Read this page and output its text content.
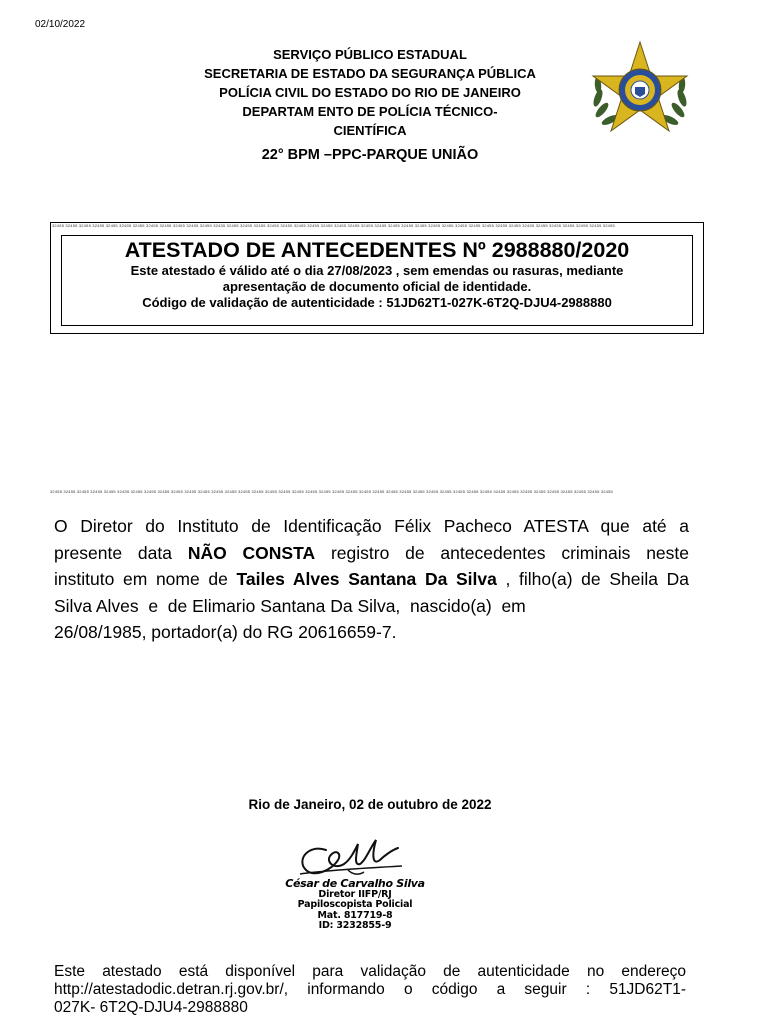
02/10/2022
SERVIÇO PÚBLICO ESTADUAL
SECRETARIA DE ESTADO DA SEGURANÇA PÚBLICA
POLÍCIA CIVIL DO ESTADO DO RIO DE JANEIRO
DEPARTAM ENTO DE POLÍCIA TÉCNICO-
CIENTÍFICA
22° BPM –PPC-PARQUE UNIÃO
32455 32455 32455 32455 32455 32455 32455 32455 32455 32455 32455 32455 32455 32455 32455 32455 32455 32455 32455 32455 32455 32455 32455 32455 32455 32455 32455 32455 32455 32455 32455 32455 32455 32455 32455 32455 32455 32455 32455 32455 32455 32455
ATESTADO DE ANTECEDENTES Nº 2988880/2020
Este atestado é válido até o dia 27/08/2023 , sem emendas ou rasuras, mediante
apresentação de documento oficial de identidade.
Código de validação de autenticidade : 51JD62T1-027K-6T2Q-DJU4-2988880
32455 32455 32455 32455 32455 32455 32455 32455 32455 32455 32455 32455 32455 32455 32455 32455 32455 32455 32455 32455 32455 32455 32455 32455 32455 32455 32455 32455 32455 32455 32455 32455 32455 32455 32455 32455 32455 32455 32455 32455 32455 32455
O Diretor do Instituto de Identificação Félix Pacheco ATESTA que até a
presente data NÃO CONSTA registro de antecedentes criminais neste
instituto em nome de Tailes Alves Santana Da Silva , filho(a) de Sheila Da
Silva Alves  e  de Elimario Santana Da Silva,  nascido(a)  em
26/08/1985, portador(a) do RG 20616659-7.
Rio de Janeiro, 02 de outubro de 2022
César de Carvalho Silva
Diretor IIFP/RJ
Papiloscopista Policial
Mat. 817719-8
ID: 3232855-9
Este atestado está disponível para validação de autenticidade no endereço
http://atestadodic.detran.rj.gov.br/, informando o código a seguir : 51JD62T1-
027K- 6T2Q-DJU4-2988880
